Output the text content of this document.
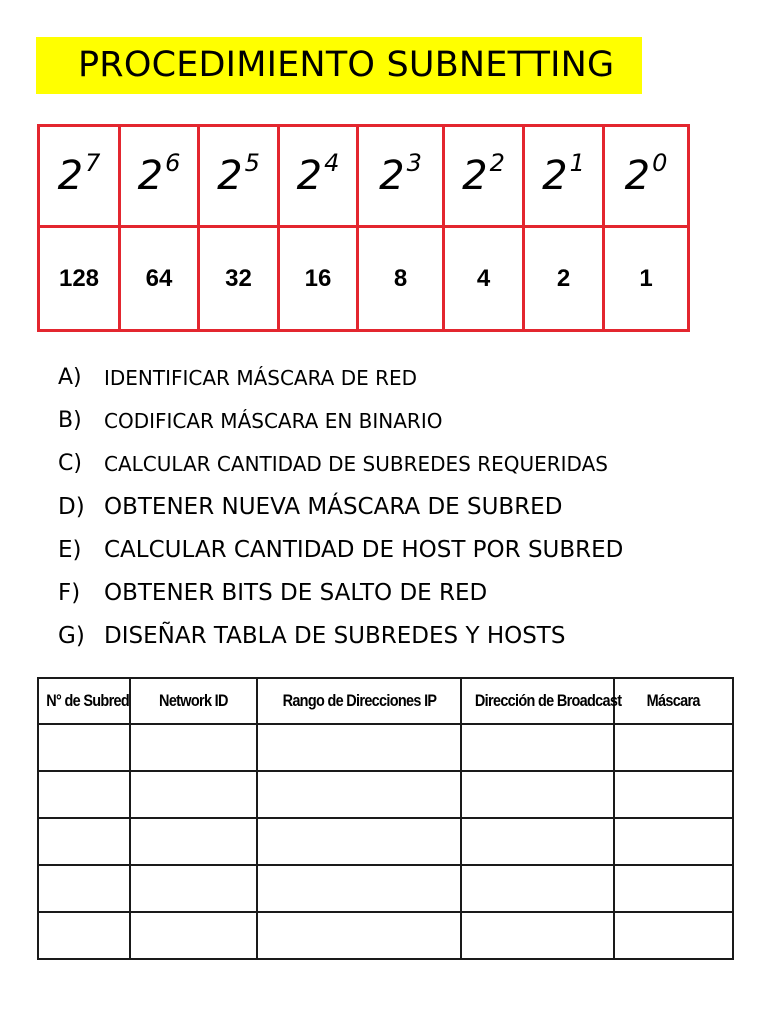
PROCEDIMIENTO SUBNETTING
$2^7$	$2^6$	$2^5$	$2^4$	$2^3$	$2^2$	$2^1$	$2^0$
128	64	32	16	8	4	2	1
A)	IDENTIFICAR MÁSCARA DE RED
B)	CODIFICAR MÁSCARA EN BINARIO
C)	CALCULAR CANTIDAD DE SUBREDES REQUERIDAS
D) OBTENER NUEVA MÁSCARA DE SUBRED
E) CALCULAR CANTIDAD DE HOST POR SUBRED
F)	OBTENER BITS DE SALTO DE RED
G) DISEÑAR TABLA DE SUBREDES Y HOSTS
N° de Subred	Network ID	Rango de Direcciones IP	Dirección de Broadcast	Máscara
